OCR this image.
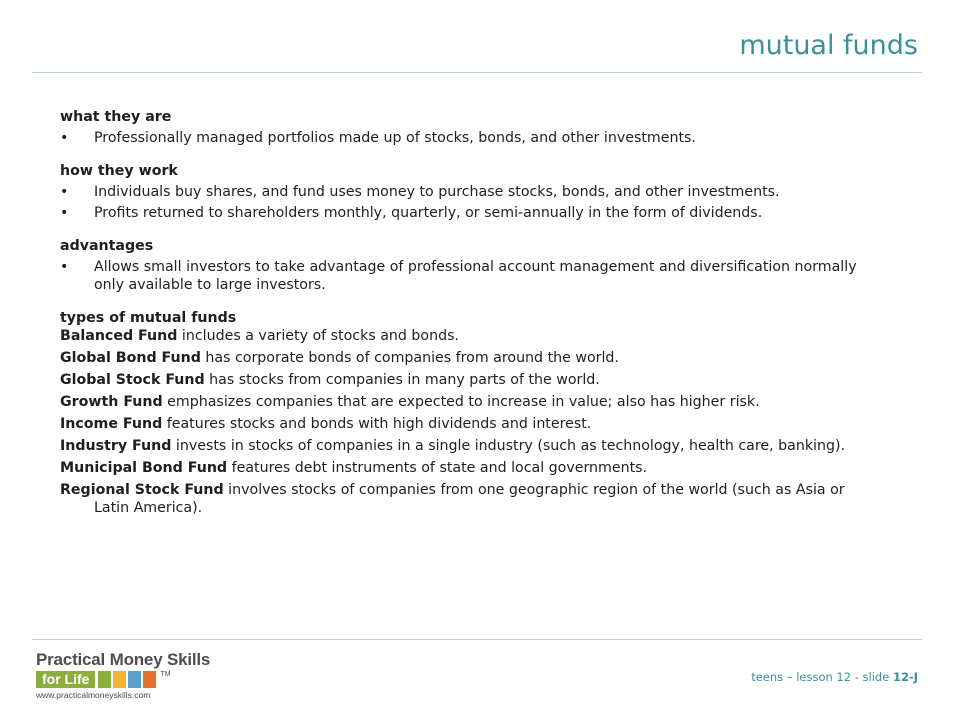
mutual funds

what they are

• Professionally managed portfolios made up of stocks, bonds, and other investments.

how they work

• Individuals buy shares, and fund uses money to purchase stocks, bonds, and other investments.
• Profits returned to shareholders monthly, quarterly, or semi-annually in the form of dividends.

advantages

• Allows small investors to take advantage of professional account management and diversification normally only available to large investors.

types of mutual funds

Balanced Fund includes a variety of stocks and bonds.

Global Bond Fund has corporate bonds of companies from around the world.

Global Stock Fund has stocks from companies in many parts of the world.

Growth Fund emphasizes companies that are expected to increase in value; also has higher risk.

Income Fund features stocks and bonds with high dividends and interest.

Industry Fund invests in stocks of companies in a single industry (such as technology, health care, banking).

Municipal Bond Fund features debt instruments of state and local governments.

Regional Stock Fund involves stocks of companies from one geographic region of the world (such as Asia or Latin America).

Practical Money Skills
for Life	TM
www.practicalmoneyskills.com
teens – lesson 12 - slide 12-J
